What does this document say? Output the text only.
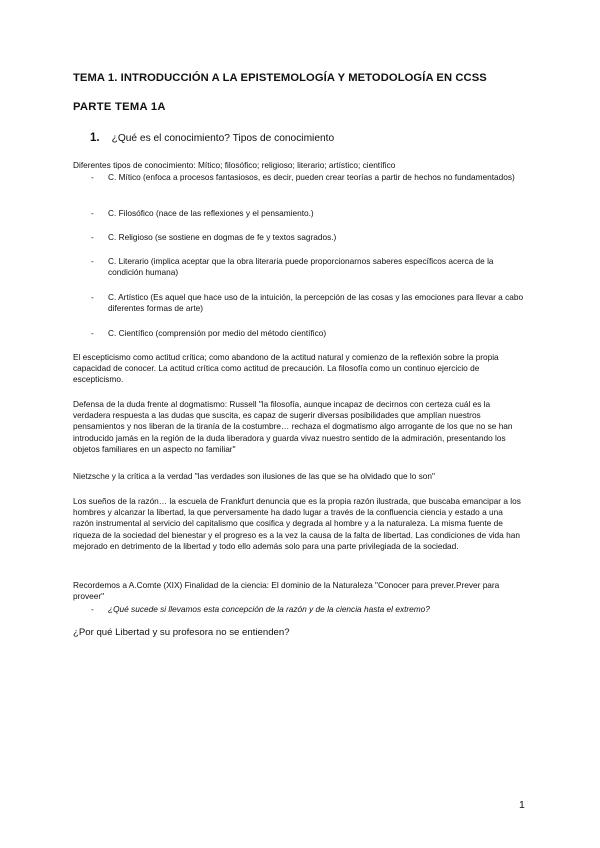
TEMA 1. INTRODUCCIÓN A LA EPISTEMOLOGÍA Y METODOLOGÍA EN CCSS
PARTE TEMA 1A
1. ¿Qué es el conocimiento? Tipos de conocimiento

Diferentes tipos de conocimiento: Mítico; filosófico; religioso; literario; artístico; científico

- C. Mítico (enfoca a procesos fantasiosos, es decir, pueden crear teorías a partir de hechos no fundamentados)
- C. Filosófico (nace de las reflexiones y el pensamiento.)
- C. Religioso (se sostiene en dogmas de fe y textos sagrados.)
- C. Literario (implica aceptar que la obra literaria puede proporcionarnos saberes específicos acerca de la condición humana)
- C. Artístico (Es aquel que hace uso de la intuición, la percepción de las cosas y las emociones para llevar a cabo diferentes formas de arte)
- C. Científico (comprensión por medio del método científico)

El escepticismo como actitud crítica; como abandono de la actitud natural y comienzo de la reflexión sobre la propia capacidad de conocer. La actitud crítica como actitud de precaución. La filosofía como un continuo ejercicio de escepticismo.

Defensa de la duda frente al dogmatismo: Russell "la filosofía, aunque incapaz de decirnos con certeza cuál es la verdadera respuesta a las dudas que suscita, es capaz de sugerir diversas posibilidades que amplían nuestros pensamientos y nos liberan de la tiranía de la costumbre… rechaza el dogmatismo algo arrogante de los que no se han introducido jamás en la región de la duda liberadora y guarda vivaz nuestro sentido de la admiración, presentando los objetos familiares en un aspecto no familiar"

Nietzsche y la crítica a la verdad "las verdades son ilusiones de las que se ha olvidado que lo son"

Los sueños de la razón… la escuela de Frankfurt denuncia que es la propia razón ilustrada, que buscaba emancipar a los hombres y alcanzar la libertad, la que perversamente ha dado lugar a través de la confluencia ciencia y estado a una razón instrumental al servicio del capitalismo que cosifica y degrada al hombre y a la naturaleza. La misma fuente de riqueza de la sociedad del bienestar y el progreso es a la vez la causa de la falta de libertad. Las condiciones de vida han mejorado en detrimento de la libertad y todo ello además solo para una parte privilegiada de la sociedad.

Recordemos a A.Comte (XIX) Finalidad de la ciencia: El dominio de la Naturaleza "Conocer para prever.Prever para proveer"

- ¿Qué sucede si llevamos esta concepción de la razón y de la ciencia hasta el extremo?

¿Por qué Libertad y su profesora no se entienden?

1
